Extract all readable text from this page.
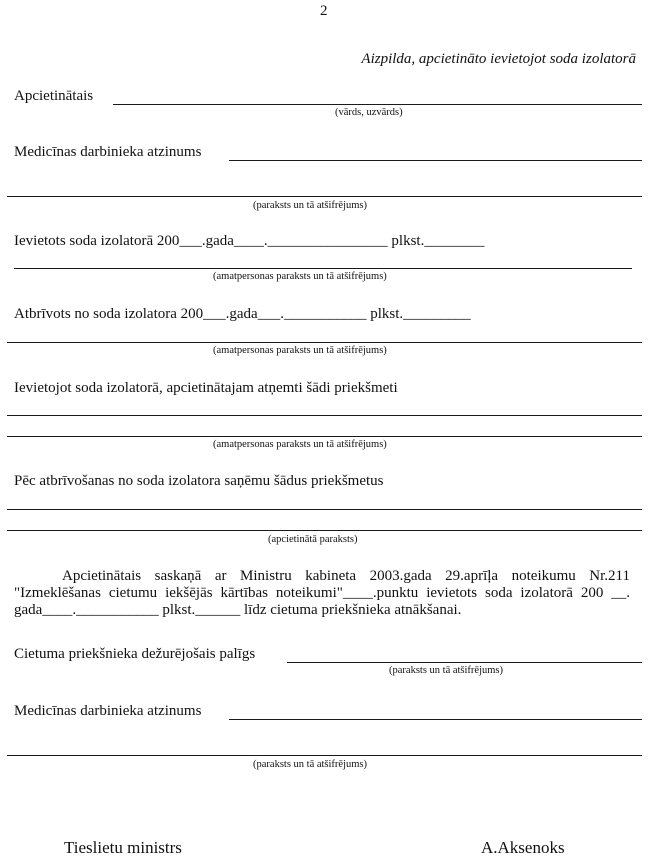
2
Aizpilda, apcietināto ievietojot soda izolatorā
Apcietinātais
(vārds, uzvārds)
Medicīnas darbinieka atzinums
(paraksts un tā atšifrējums)
Ievietots soda izolatorā 200___.gada____.________________ plkst.________
(amatpersonas paraksts un tā atšifrējums)
Atbrīvots no soda izolatora 200___.gada___.___________ plkst._________
(amatpersonas paraksts un tā atšifrējums)
Ievietojot soda izolatorā, apcietinātajam atņemti šādi priekšmeti
(amatpersonas paraksts un tā atšifrējums)
Pēc atbrīvošanas no soda izolatora saņēmu šādus priekšmetus
(apcietinātā paraksts)
Apcietinātais saskaņā ar Ministru kabineta 2003.gada 29.aprīļa noteikumu Nr.211 "Izmeklēšanas cietumu iekšējās kārtības noteikumi"____.punktu ievietots soda izolatorā 200 __. gada____.___________ plkst.______ līdz cietuma priekšnieka atnākšanai.
Cietuma priekšnieka dežurējošais palīgs
(paraksts un tā atšifrējums)
Medicīnas darbinieka atzinums
(paraksts un tā atšifrējums)
Tieslietu ministrs	A.Aksenoks
